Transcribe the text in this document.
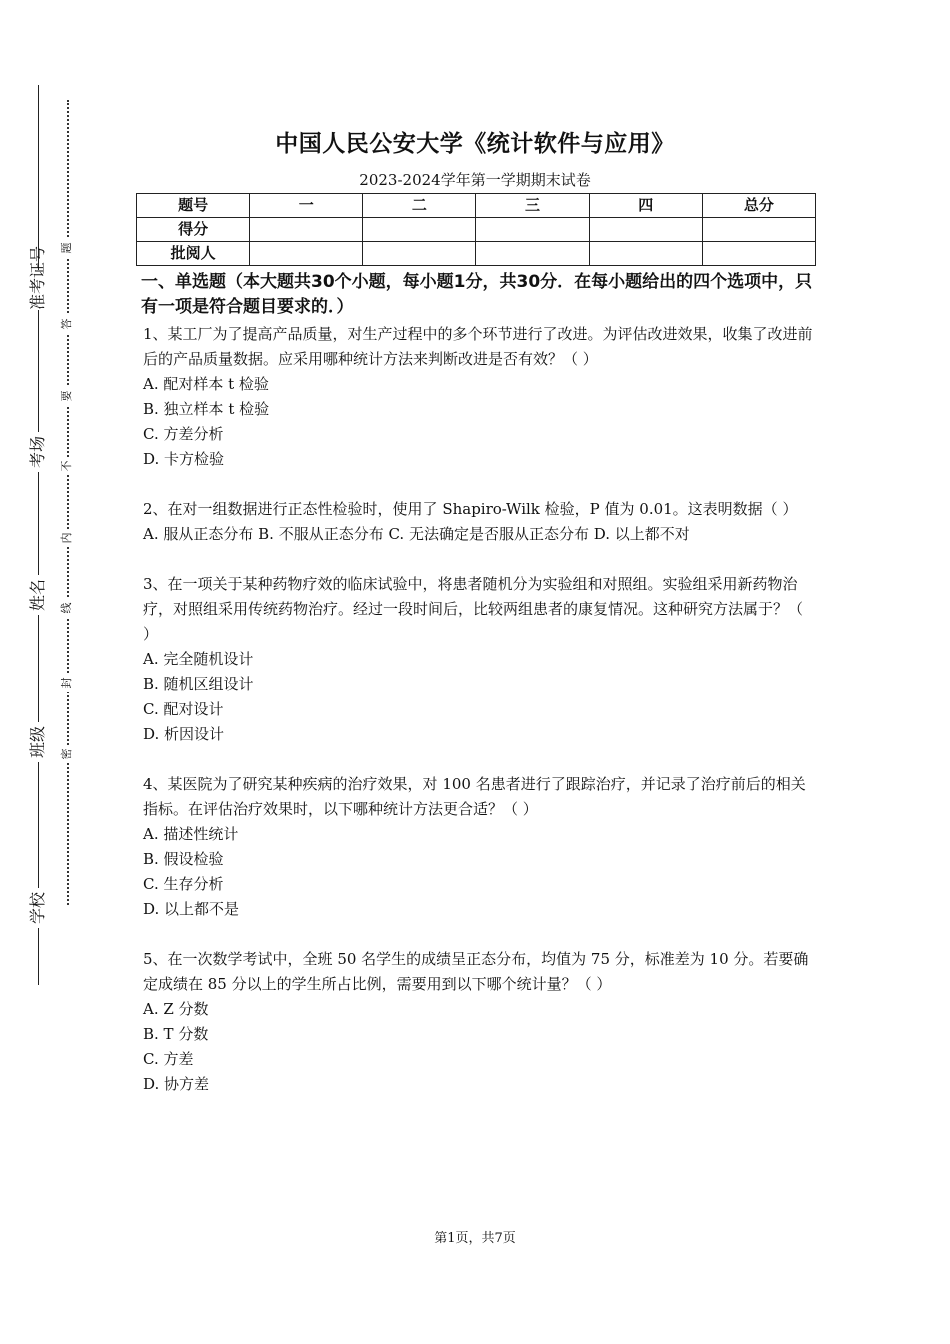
准考证号
考场
姓名
班级
学校
题
答
要
不
内
线
封
密
中国人民公安大学《统计软件与应用》
2023-2024学年第一学期期末试卷
题号	一	二	三	四	总分
得分					
批阅人					
一、单选题（本大题共30个小题，每小题1分，共30分．在每小题给出的四个选项中，只有一项是符合题目要求的．）

1、某工厂为了提高产品质量，对生产过程中的多个环节进行了改进。为评估改进效果，收集了改进前后的产品质量数据。应采用哪种统计方法来判断改进是否有效？（ ）

A. 配对样本 t 检验

B. 独立样本 t 检验

C. 方差分析

D. 卡方检验

2、在对一组数据进行正态性检验时，使用了 Shapiro-Wilk 检验，P 值为 0.01。这表明数据（ ）

A. 服从正态分布 B. 不服从正态分布 C. 无法确定是否服从正态分布 D. 以上都不对

3、在一项关于某种药物疗效的临床试验中，将患者随机分为实验组和对照组。实验组采用新药物治疗，对照组采用传统药物治疗。经过一段时间后，比较两组患者的康复情况。这种研究方法属于？（ ）

A. 完全随机设计

B. 随机区组设计

C. 配对设计

D. 析因设计

4、某医院为了研究某种疾病的治疗效果，对 100 名患者进行了跟踪治疗，并记录了治疗前后的相关指标。在评估治疗效果时，以下哪种统计方法更合适？（ ）

A. 描述性统计

B. 假设检验

C. 生存分析

D. 以上都不是

5、在一次数学考试中，全班 50 名学生的成绩呈正态分布，均值为 75 分，标准差为 10 分。若要确定成绩在 85 分以上的学生所占比例，需要用到以下哪个统计量？（ ）

A. Z 分数

B. T 分数

C. 方差

D. 协方差

第1页，共7页
